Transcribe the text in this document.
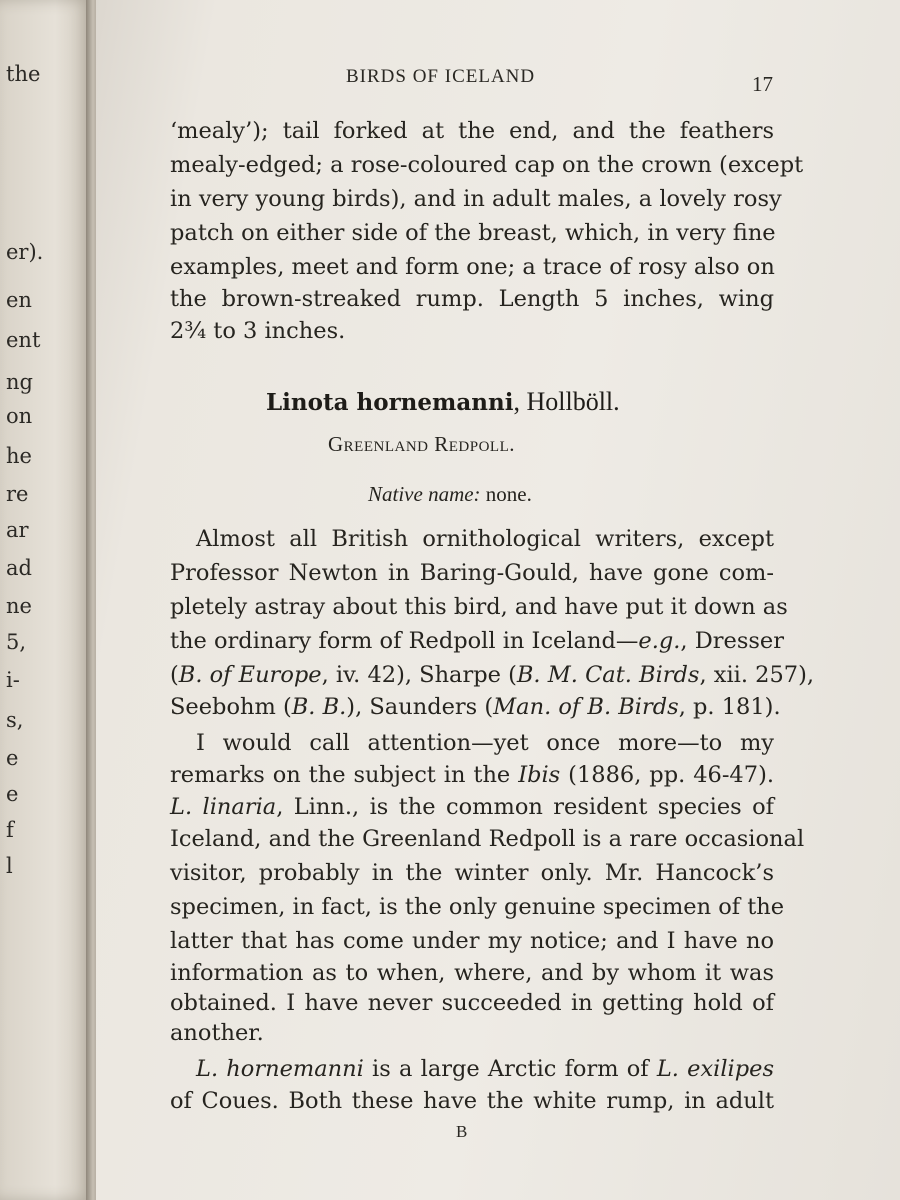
the
er).
en
ent
ng
on
he
re
ar
ad
ne
5,
i-
s,
e
e
f
l
BIRDS OF ICELAND	17
‘mealy’); tail forked at the end, and the feathers
mealy-edged; a rose-coloured cap on the crown (except
in very young birds), and in adult males, a lovely rosy
patch on either side of the breast, which, in very fine
examples, meet and form one; a trace of rosy also on
the brown-streaked rump. Length 5 inches, wing
2¾ to 3 inches.
Linota hornemanni, Hollböll.
Greenland Redpoll.
Native name: none.
Almost all British ornithological writers, except
Professor Newton in Baring-Gould, have gone com-
pletely astray about this bird, and have put it down as
the ordinary form of Redpoll in Iceland—e.g., Dresser
(B. of Europe, iv. 42), Sharpe (B. M. Cat. Birds, xii. 257),
Seebohm (B. B.), Saunders (Man. of B. Birds, p. 181).
I would call attention—yet once more—to my
remarks on the subject in the Ibis (1886, pp. 46-47).
L. linaria, Linn., is the common resident species of
Iceland, and the Greenland Redpoll is a rare occasional
visitor, probably in the winter only. Mr. Hancock’s
specimen, in fact, is the only genuine specimen of the
latter that has come under my notice; and I have no
information as to when, where, and by whom it was
obtained. I have never succeeded in getting hold of
another.
L. hornemanni is a large Arctic form of L. exilipes
of Coues. Both these have the white rump, in adult
B
